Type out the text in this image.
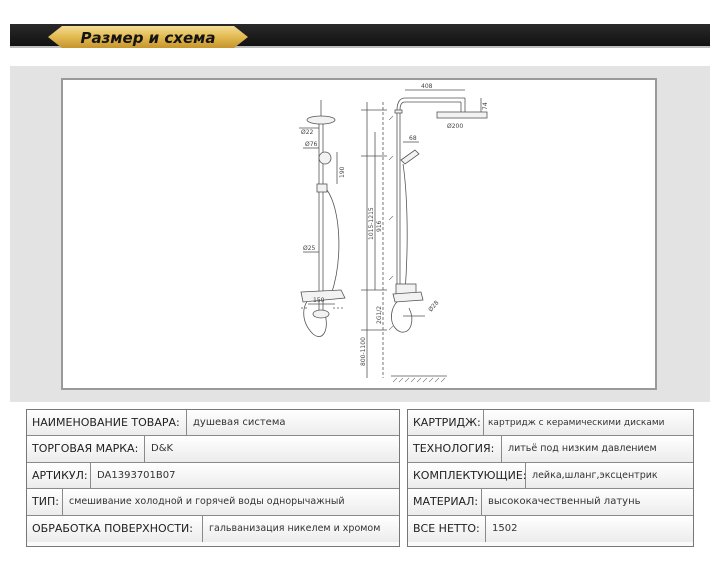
Размер и схема
Ø22
Ø76
190
Ø25
150
408
74
Ø200
68
1015-1215 916
2G1/2	Ø28
800-1100
НАИМЕНОВАНИЕ ТОВАРА:	душевая система
ТОРГОВАЯ МАРКА:	D&K
АРТИКУЛ: DA1393701B07
ТИП:	смешивание холодной и горячей воды однорычажный
ОБРАБОТКА ПОВЕРХНОСТИ:	гальванизация никелем и хромом
КАРТРИДЖ: картридж с керамическими дисками
ТЕХНОЛОГИЯ:	литьё под низким давлением
КОМПЛЕКТУЮЩИЕ: лейка,шланг,эксцентрик
МАТЕРИАЛ: высококачественный латунь
ВСЕ НЕТТО:	1502
